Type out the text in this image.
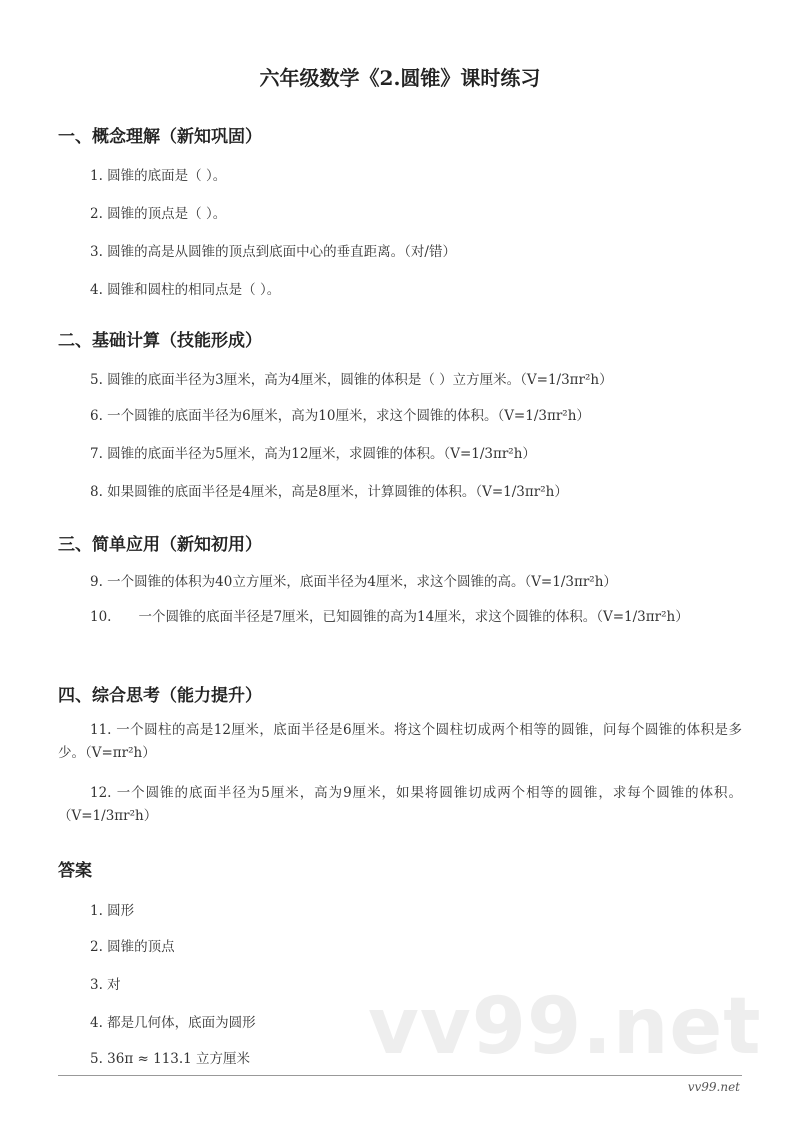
六年级数学《2.圆锥》课时练习
一、概念理解（新知巩固）
1. 圆锥的底面是（ ）。
2. 圆锥的顶点是（ ）。
3. 圆锥的高是从圆锥的顶点到底面中心的垂直距离。（对/错）
4. 圆锥和圆柱的相同点是（ ）。
二、基础计算（技能形成）
5. 圆锥的底面半径为3厘米，高为4厘米，圆锥的体积是（ ）立方厘米。（V=1/3πr²h）
6. 一个圆锥的底面半径为6厘米，高为10厘米，求这个圆锥的体积。（V=1/3πr²h）
7. 圆锥的底面半径为5厘米，高为12厘米，求圆锥的体积。（V=1/3πr²h）
8. 如果圆锥的底面半径是4厘米，高是8厘米，计算圆锥的体积。（V=1/3πr²h）
三、简单应用（新知初用）
9. 一个圆锥的体积为40立方厘米，底面半径为4厘米，求这个圆锥的高。（V=1/3πr²h）
10.　　一个圆锥的底面半径是7厘米，已知圆锥的高为14厘米，求这个圆锥的体积。（V=1/3πr²h）
四、综合思考（能力提升）
11. 一个圆柱的高是12厘米，底面半径是6厘米。将这个圆柱切成两个相等的圆锥，问每个圆锥的体积是多少。（V=πr²h）
12. 一个圆锥的底面半径为5厘米，高为9厘米，如果将圆锥切成两个相等的圆锥，求每个圆锥的体积。（V=1/3πr²h）
答案
1. 圆形
2. 圆锥的顶点
3. 对
4. 都是几何体，底面为圆形
5. 36π ≈ 113.1 立方厘米 vv99.net
vv99.net
